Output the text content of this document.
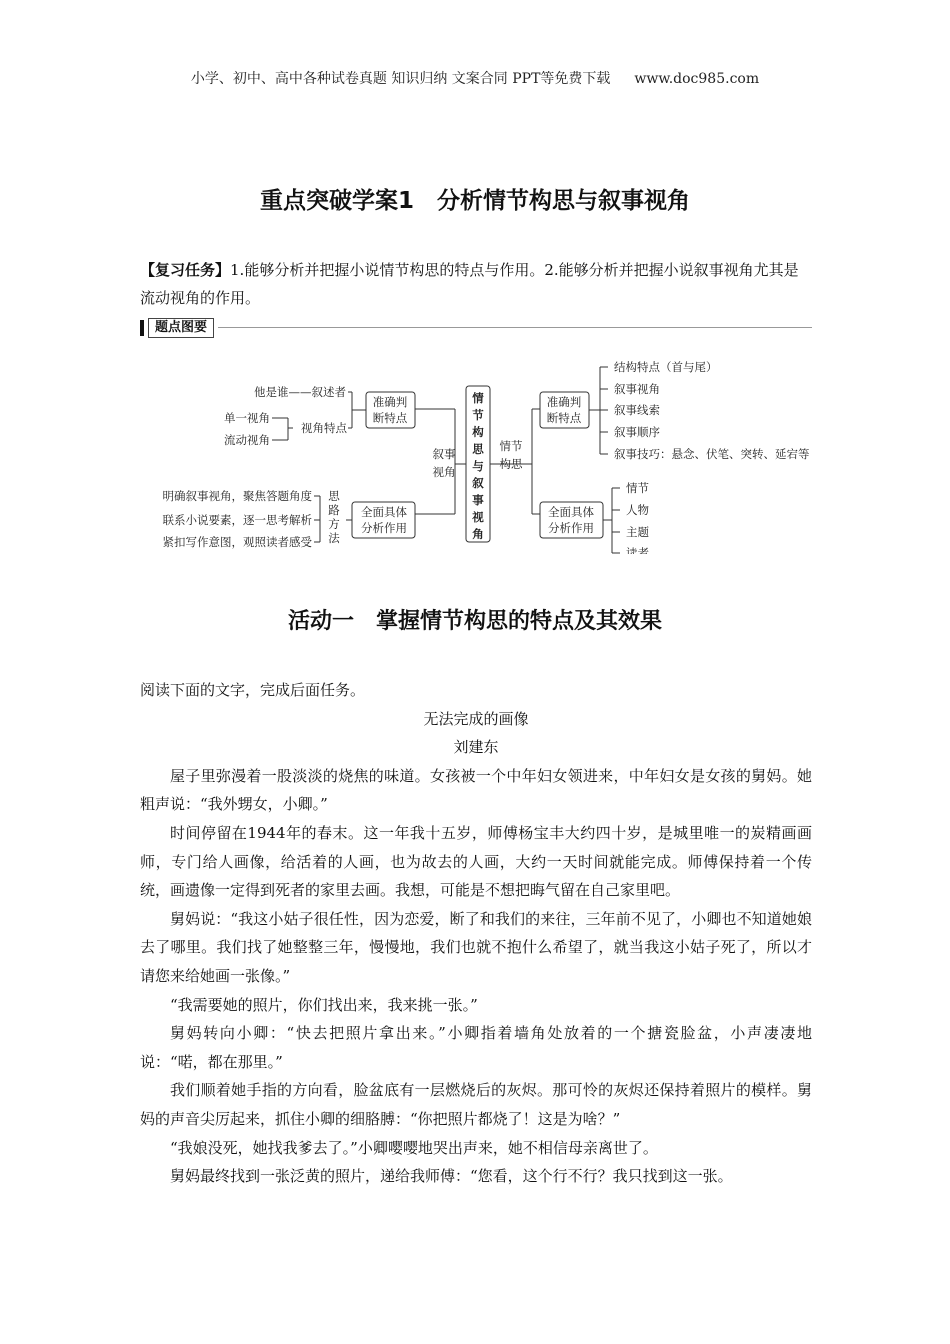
小学、初中、高中各种试卷真题 知识归纳 文案合同 PPT等免费下载 www.doc985.com
重点突破学案1　分析情节构思与叙事视角
【复习任务】1.能够分析并把握小说情节构思的特点与作用。2.能够分析并把握小说叙事视角尤其是流动视角的作用。
题点图要
情
节
构
思
与
叙
事
视
角
叙事
视角
情节
构思
准确判
断特点
全面具体
分析作用
他是谁——叙述者
视角特点
单一视角
流动视角
思
路
方
法
明确叙事视角，聚焦答题角度
联系小说要素，逐一思考解析
紧扣写作意图，观照读者感受
准确判
断特点
全面具体
分析作用
结构特点（首与尾）
叙事视角
叙事线索
叙事顺序
叙事技巧：悬念、伏笔、突转、延宕等
情节
人物
主题
读者
活动一　掌握情节构思的特点及其效果

阅读下面的文字，完成后面任务。

无法完成的画像

刘建东

屋子里弥漫着一股淡淡的烧焦的味道。女孩被一个中年妇女领进来，中年妇女是女孩的舅妈。她粗声说：“我外甥女，小卿。”

时间停留在1944年的春末。这一年我十五岁，师傅杨宝丰大约四十岁，是城里唯一的炭精画画师，专门给人画像，给活着的人画，也为故去的人画，大约一天时间就能完成。师傅保持着一个传统，画遗像一定得到死者的家里去画。我想，可能是不想把晦气留在自己家里吧。

舅妈说：“我这小姑子很任性，因为恋爱，断了和我们的来往，三年前不见了，小卿也不知道她娘去了哪里。我们找了她整整三年，慢慢地，我们也就不抱什么希望了，就当我这小姑子死了，所以才请您来给她画一张像。”

“我需要她的照片，你们找出来，我来挑一张。”

舅妈转向小卿：“快去把照片拿出来。”小卿指着墙角处放着的一个搪瓷脸盆，小声凄凄地说：“喏，都在那里。”

我们顺着她手指的方向看，脸盆底有一层燃烧后的灰烬。那可怜的灰烬还保持着照片的模样。舅妈的声音尖厉起来，抓住小卿的细胳膊：“你把照片都烧了！这是为啥？”

“我娘没死，她找我爹去了。”小卿嘤嘤地哭出声来，她不相信母亲离世了。

舅妈最终找到一张泛黄的照片，递给我师傅：“您看，这个行不行？我只找到这一张。
